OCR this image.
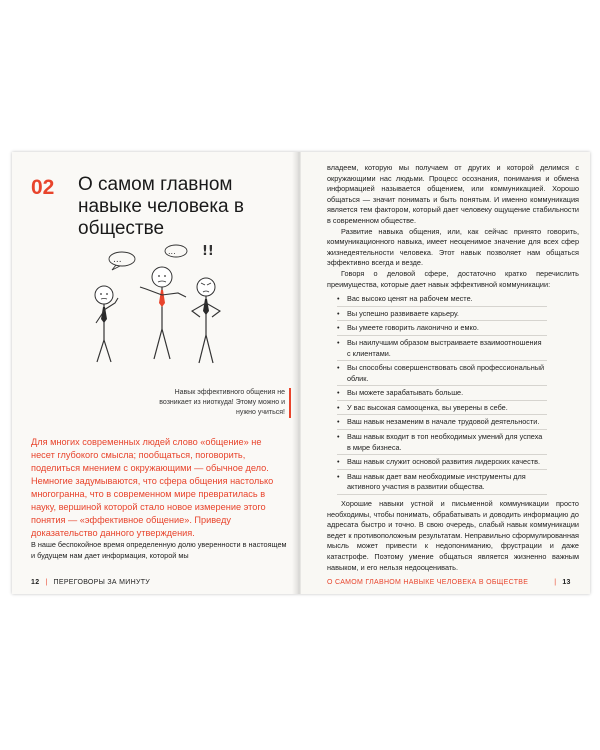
02 О самом главном навыке человека в обществе
...
... !!
Навык эффективного общения не возникает из ниоткуда! Этому можно и нужно учиться!

Для многих современных людей слово «общение» не несет глубокого смысла; пообщаться, поговорить, поделиться мнением с окружающими — обычное дело. Немногие задумываются, что сфера общения настолько многогранна, что в современном мире превратилась в науку, вершиной которой стало новое измерение этого понятия — «эффективное общение». Приведу доказательство данного утверждения.

В наше беспокойное время определенную долю уверенности в настоящем и будущем нам дает информация, которой мы

12 | ПЕРЕГОВОРЫ ЗА МИНУТУ

владеем, которую мы получаем от других и которой делимся с окружающими нас людьми. Процесс осознания, понимания и обмена информацией называется общением, или коммуникацией. Хорошо общаться — значит понимать и быть понятым. И именно коммуникация является тем фактором, который дает человеку ощущение стабильности в современном обществе.

Развитие навыка общения, или, как сейчас принято говорить, коммуникационного навыка, имеет неоценимое значение для всех сфер жизнедеятельности человека. Этот навык позволяет нам общаться эффективно всегда и везде.

Говоря о деловой сфере, достаточно кратко перечислить преимущества, которые дает навык эффективной коммуникации:

• Вас высоко ценят на рабочем месте.
• Вы успешно развиваете карьеру.
• Вы умеете говорить лаконично и емко.
• Вы наилучшим образом выстраиваете взаимоотношения с клиентами.
• Вы способны совершенствовать свой профессиональный облик.
• Вы можете зарабатывать больше.
• У вас высокая самооценка, вы уверены в себе.
• Ваш навык незаменим в начале трудовой деятельности.
• Ваш навык входит в топ необходимых умений для успеха в мире бизнеса.
• Ваш навык служит основой развития лидерских качеств.
• Ваш навык дает вам необходимые инструменты для активного участия в развитии общества.

Хорошие навыки устной и письменной коммуникации просто необходимы, чтобы понимать, обрабатывать и доводить информацию до адресата быстро и точно. В свою очередь, слабый навык коммуникации ведет к противоположным результатам. Неправильно сформулированная мысль может привести к недопониманию, фрустрации и даже катастрофе. Поэтому умение общаться является жизненно важным навыком, и его нельзя недооценивать.

О САМОМ ГЛАВНОМ НАВЫКЕ ЧЕЛОВЕКА В ОБЩЕСТВЕ	| 13
